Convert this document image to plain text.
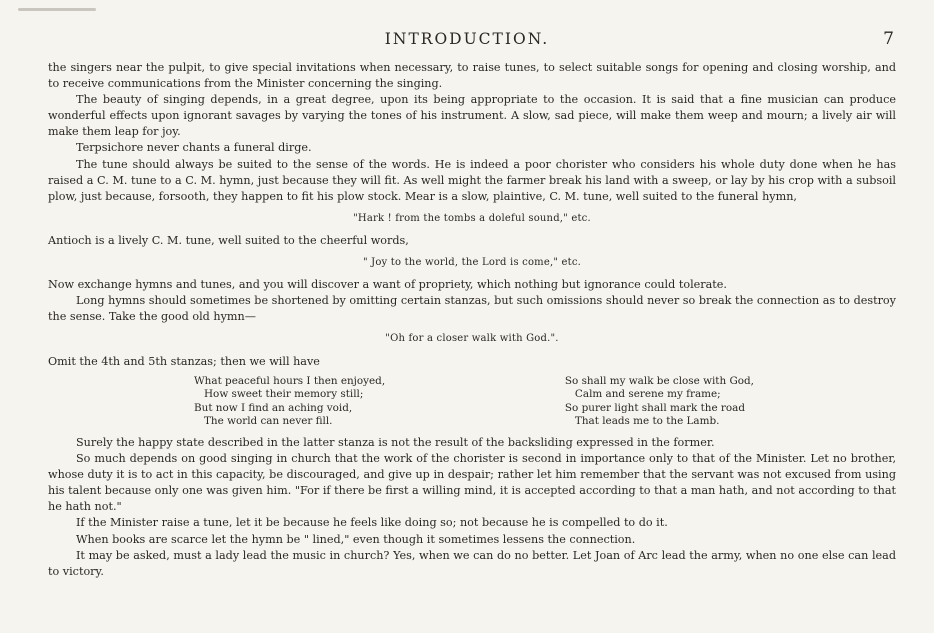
INTRODUCTION.	7

the singers near the pulpit, to give special invitations when necessary, to raise tunes, to select suitable songs for opening and closing worship, and to receive communications from the Minister concerning the singing.

The beauty of singing depends, in a great degree, upon its being appropriate to the occasion. It is said that a fine musician can produce wonderful effects upon ignorant savages by varying the tones of his instrument. A slow, sad piece, will make them weep and mourn; a lively air will make them leap for joy.

Terpsichore never chants a funeral dirge.

The tune should always be suited to the sense of the words. He is indeed a poor chorister who considers his whole duty done when he has raised a C. M. tune to a C. M. hymn, just because they will fit. As well might the farmer break his land with a sweep, or lay by his crop with a subsoil plow, just because, forsooth, they happen to fit his plow stock. Mear is a slow, plaintive, C. M. tune, well suited to the funeral hymn,

"Hark ! from the tombs a doleful sound," etc.

Antioch is a lively C. M. tune, well suited to the cheerful words,

" Joy to the world, the Lord is come," etc.

Now exchange hymns and tunes, and you will discover a want of propriety, which nothing but ignorance could tolerate.

Long hymns should sometimes be shortened by omitting certain stanzas, but such omissions should never so break the connection as to destroy the sense. Take the good old hymn—

"Oh for a closer walk with God.".

Omit the 4th and 5th stanzas; then we will have

What peaceful hours I then enjoyed,
How sweet their memory still;
But now I find an aching void,
The world can never fill.
So shall my walk be close with God,
Calm and serene my frame;
So purer light shall mark the road
That leads me to the Lamb.

Surely the happy state described in the latter stanza is not the result of the backsliding expressed in the former.

So much depends on good singing in church that the work of the chorister is second in importance only to that of the Minister. Let no brother, whose duty it is to act in this capacity, be discouraged, and give up in despair; rather let him remember that the servant was not excused from using his talent because only one was given him. "For if there be first a willing mind, it is accepted according to that a man hath, and not according to that he hath not."

If the Minister raise a tune, let it be because he feels like doing so; not because he is compelled to do it.

When books are scarce let the hymn be " lined," even though it sometimes lessens the connection.

It may be asked, must a lady lead the music in church? Yes, when we can do no better. Let Joan of Arc lead the army, when no one else can lead to victory.
